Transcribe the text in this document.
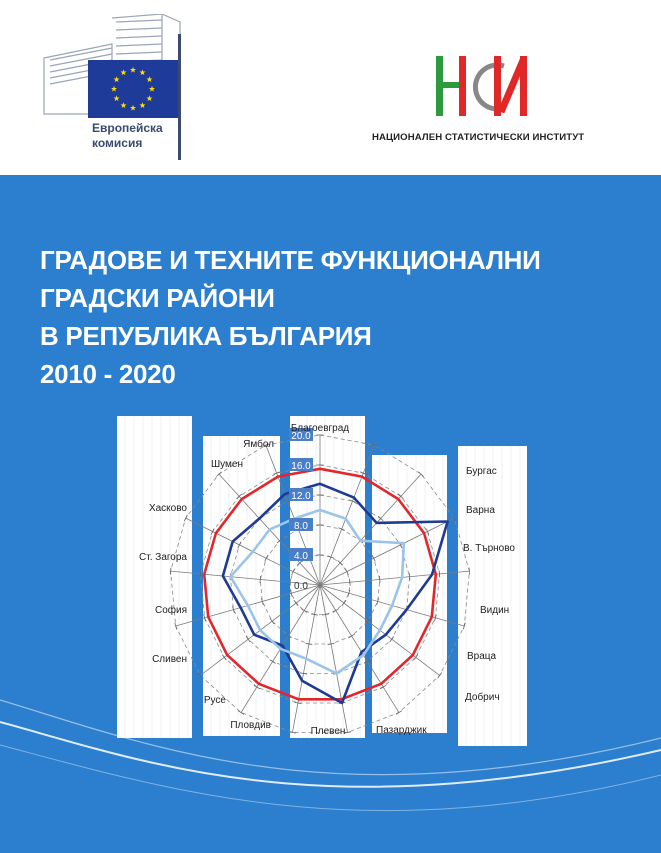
Европейска
комисия	НАЦИОНАЛЕН СТАТИСТИЧЕСКИ ИНСТИТУТ
ГРАДОВЕ И ТЕХНИТЕ ФУНКЦИОНАЛНИ
ГРАДСКИ РАЙОНИ
В РЕПУБЛИКА БЪЛГАРИЯ
2010 - 2020
0.0
4.0
8.0
12.0
16.0
20.0
Благоевград
Бургас
Варна
В. Търново
Видин
Враца
Добрич
Пазарджик
Плевен
Пловдив
Русе
Сливен
София
Ст. Загора
Хасково
Шумен
Ямбол
